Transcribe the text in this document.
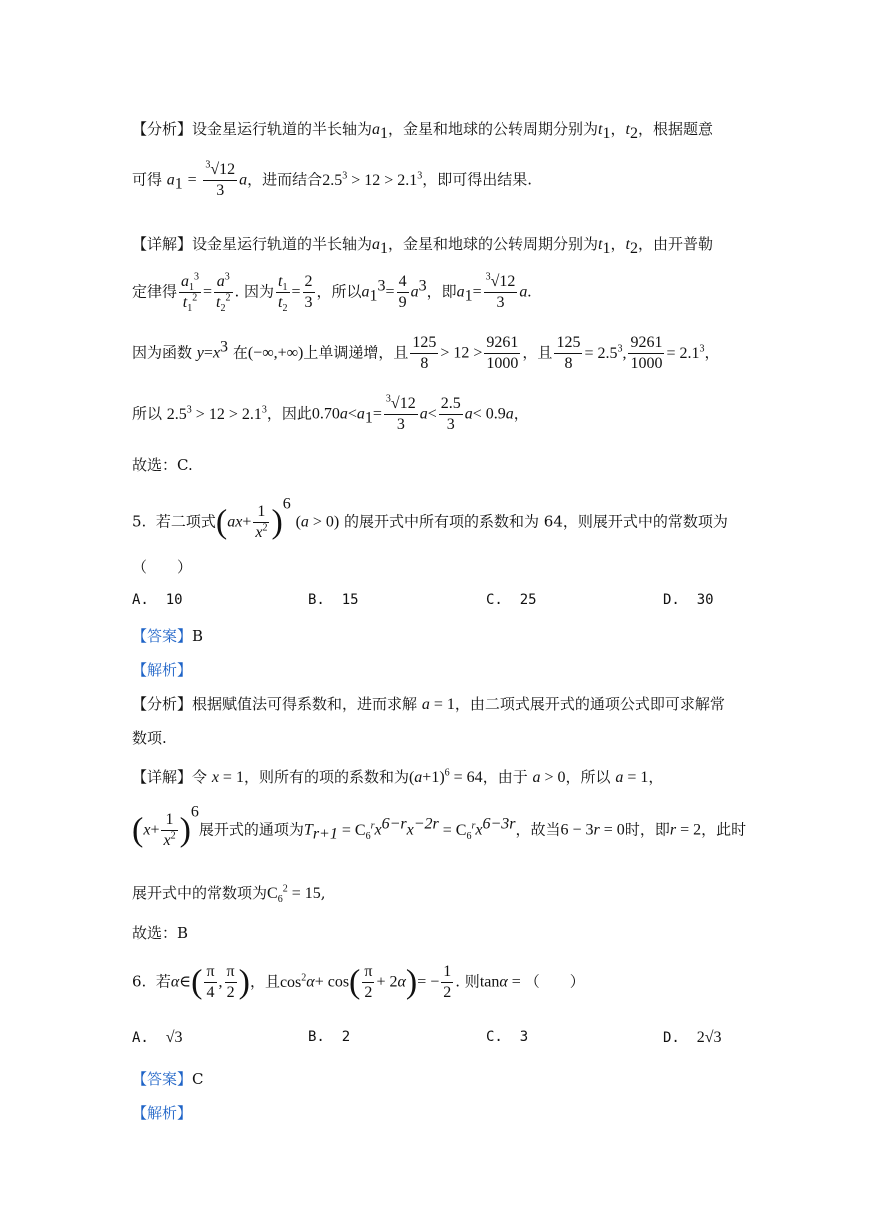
【分析】设金星运行轨道的半长轴为$a_1$，金星和地球的公转周期分别为$t_1$，$t_2$，根据题意
可得 $a_1 = \frac{^3√12}{3}$ a，进而结合$2.5^3 > 12 > 2.1^3$，即可得出结果.
【详解】设金星运行轨道的半长轴为$a_1$，金星和地球的公转周期分别为$t_1$，$t_2$，由开普勒
定律得 $\frac{a_1^3}{t_1^2} = \frac{a^3}{t_2^2}$ . 因为 $\frac{t_1}{t_2} = \frac{2}{3}$ ，所以$a_1^3= \frac{4}{9} a^3$，即$a_1= \frac{^3√12}{3} a$.
因为函数 $y=x^3$ 在(−∞,+∞)上单调递增，且 $\frac{125}{8} > 12 > \frac{9261}{1000}$ ，且 $\frac{125}{8} = 2.5^3$, $\frac{9261}{1000} = 2.1^3$，
所以 $2.5^3 > 12 > 2.1^3$，因此$0.70a<a_1= \frac{^3√12}{3} a< \frac{2.5}{3} a< 0.9a$，
故选：C.
5. 若二项式$(ax+ \frac{1}{x^2} )^6$ (a > 0) 的展开式中所有项的系数和为 64，则展开式中的常数项为
（　　）
A. 10	B. 15	C. 25	D. 30
【答案】B
【解析】
【分析】根据赋值法可得系数和，进而求解 a = 1，由二项式展开式的通项公式即可求解常
数项.
【详解】令 x = 1，则所有的项的系数和为$(a+1)^6 = 64$，由于 a > 0，所以 a = 1，
$(x+ \frac{1}{x^2} )^6$展开式的通项为$T_{r+1} = C_6^rx^{6-r}x^{-2r} = C_6^rx^{6-3r}$，故当6 − 3r = 0时，即r = 2，此时
展开式中的常数项为$C_6^2 = 15$,
故选：B
6. 若α∈( $\frac{\pi}{4}$ , $\frac{\pi}{2}$ )，且$\cos^2\alpha+ \cos( \frac{\pi}{2} + 2\alpha)= - \frac{1}{2}$ . 则tanα = （　　）
A. √3	B. 2	C. 3	D. 2√3
【答案】C
【解析】
